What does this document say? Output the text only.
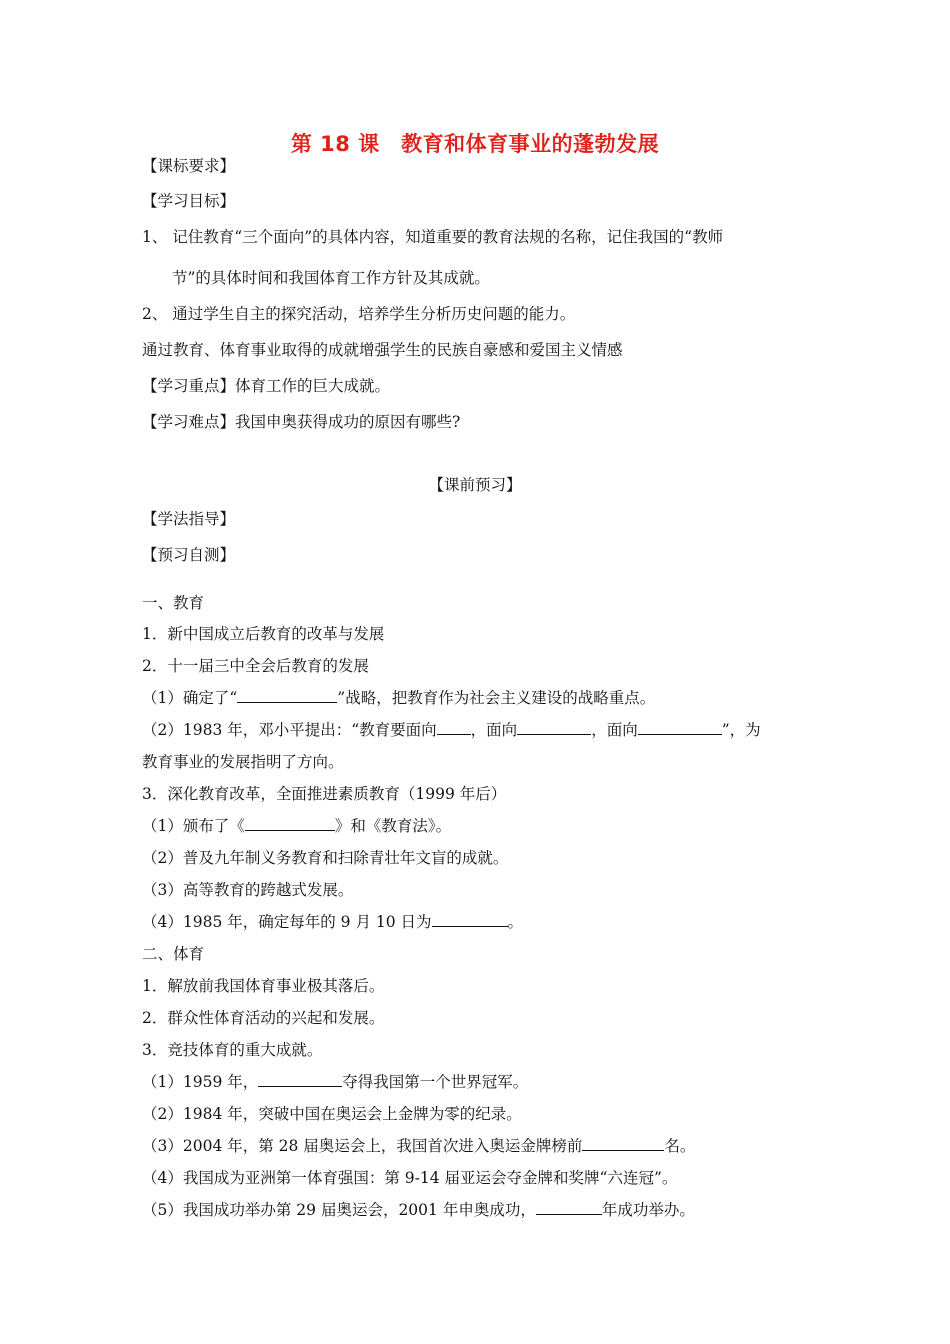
第 18 课　教育和体育事业的蓬勃发展
【课标要求】
【学习目标】
1、 记住教育“三个面向”的具体内容，知道重要的教育法规的名称，记住我国的“教师
节”的具体时间和我国体育工作方针及其成就。
2、 通过学生自主的探究活动，培养学生分析历史问题的能力。
通过教育、体育事业取得的成就增强学生的民族自豪感和爱国主义情感
【学习重点】体育工作的巨大成就。
【学习难点】我国申奥获得成功的原因有哪些?
【课前预习】
【学法指导】
【预习自测】
一、教育
1．新中国成立后教育的改革与发展
2．十一届三中全会后教育的发展
（1）确定了“	”战略，把教育作为社会主义建设的战略重点。
（2）1983 年，邓小平提出：“教育要面向 ，面向	，面向	”，为
教育事业的发展指明了方向。
3．深化教育改革，全面推进素质教育（1999 年后）
（1）颁布了《	》和《教育法》。
（2）普及九年制义务教育和扫除青壮年文盲的成就。
（3）高等教育的跨越式发展。
（4）1985 年，确定每年的 9 月 10 日为	。
二、体育
1．解放前我国体育事业极其落后。
2．群众性体育活动的兴起和发展。
3．竞技体育的重大成就。
（1）1959 年，	夺得我国第一个世界冠军。
（2）1984 年，突破中国在奥运会上金牌为零的纪录。
（3）2004 年，第 28 届奥运会上，我国首次进入奥运金牌榜前	名。
（4）我国成为亚洲第一体育强国：第 9-14 届亚运会夺金牌和奖牌“六连冠”。
（5）我国成功举办第 29 届奥运会，2001 年申奥成功，	年成功举办。
